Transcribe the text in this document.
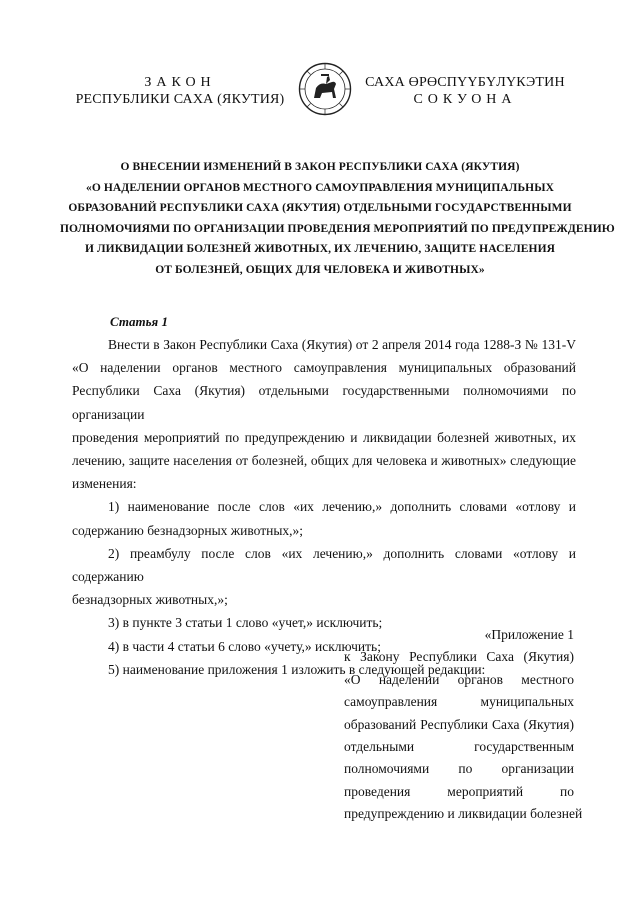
ЗАКОН
РЕСПУБЛИКИ САХА (ЯКУТИЯ)
САХА ӨРӨСПҮҮБҮЛҮКЭТИН
СОКУОНА
О ВНЕСЕНИИ ИЗМЕНЕНИЙ В ЗАКОН РЕСПУБЛИКИ САХА (ЯКУТИЯ)
«О НАДЕЛЕНИИ ОРГАНОВ МЕСТНОГО САМОУПРАВЛЕНИЯ МУНИЦИПАЛЬНЫХ
ОБРАЗОВАНИЙ РЕСПУБЛИКИ САХА (ЯКУТИЯ) ОТДЕЛЬНЫМИ ГОСУДАРСТВЕННЫМИ
ПОЛНОМОЧИЯМИ ПО ОРГАНИЗАЦИИ ПРОВЕДЕНИЯ МЕРОПРИЯТИЙ ПО ПРЕДУПРЕЖДЕНИЮ
И ЛИКВИДАЦИИ БОЛЕЗНЕЙ ЖИВОТНЫХ, ИХ ЛЕЧЕНИЮ, ЗАЩИТЕ НАСЕЛЕНИЯ
ОТ БОЛЕЗНЕЙ, ОБЩИХ ДЛЯ ЧЕЛОВЕКА И ЖИВОТНЫХ»
Статья 1

Внести в Закон Республики Саха (Якутия) от 2 апреля 2014 года 1288-З № 131-V

«О наделении органов местного самоуправления муниципальных образований

Республики Саха (Якутия) отдельными государственными полномочиями по организации

проведения мероприятий по предупреждению и ликвидации болезней животных, их

лечению, защите населения от болезней, общих для человека и животных» следующие

изменения:

1) наименование после слов «их лечению,» дополнить словами «отлову и

содержанию безнадзорных животных,»;

2) преамбулу после слов «их лечению,» дополнить словами «отлову и содержанию

безнадзорных животных,»;

3) в пункте 3 статьи 1 слово «учет,» исключить;

4) в части 4 статьи 6 слово «учету,» исключить;

5) наименование приложения 1 изложить в следующей редакции:

«Приложение 1
к Закону Республики Саха (Якутия)
«О наделении органов местного
самоуправления муниципальных
образований Республики Саха (Якутия)
отдельными государственным
полномочиями по организации
проведения мероприятий по
предупреждению и ликвидации болезней
